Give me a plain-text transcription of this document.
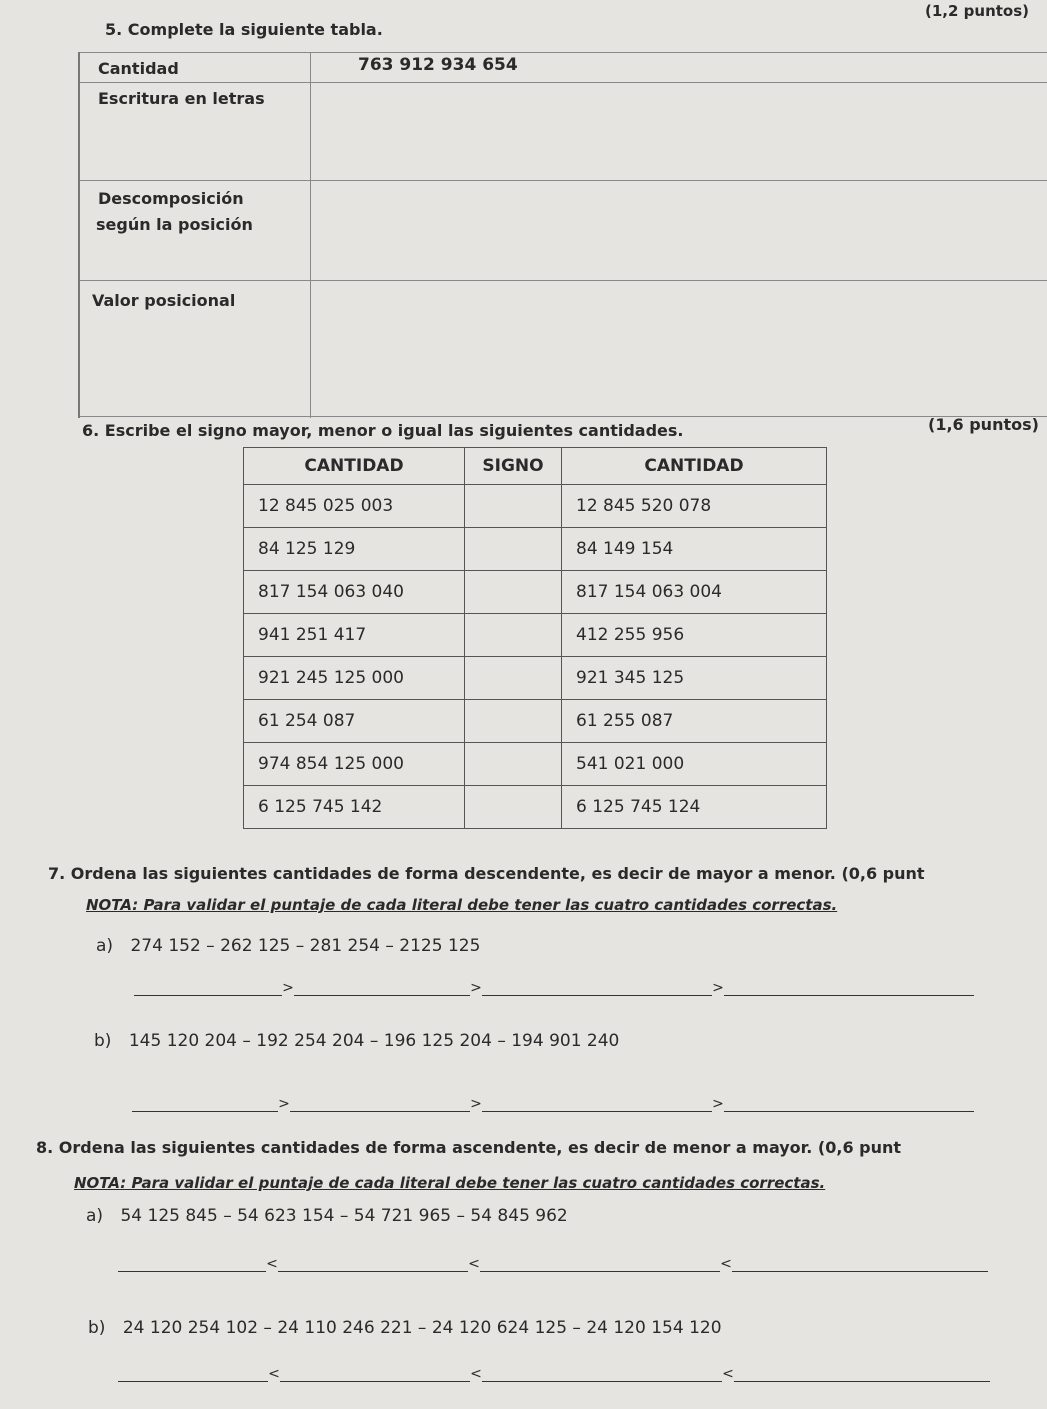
5. Complete la siguiente tabla.
(1,2 puntos)
Cantidad	763 912 934 654
Escritura en letras
Descomposición
según la posición
Valor posicional
6. Escribe el signo mayor, menor o igual las siguientes cantidades.	(1,6 puntos)
CANTIDAD	SIGNO	CANTIDAD
12 845 025 003		12 845 520 078
84 125 129		84 149 154
817 154 063 040		817 154 063 004
941 251 417		412 255 956
921 245 125 000		921 345 125
61 254 087		61 255 087
974 854 125 000		541 021 000
6 125 745 142		6 125 745 124
7. Ordena las siguientes cantidades de forma descendente, es decir de mayor a menor. (0,6 punt
NOTA: Para validar el puntaje de cada literal debe tener las cuatro cantidades correctas.
a) 274 152 – 262 125 – 281 254 – 2125 125
>	>	>
b) 145 120 204 – 192 254 204 – 196 125 204 – 194 901 240
>	>	>
8. Ordena las siguientes cantidades de forma ascendente, es decir de menor a mayor. (0,6 punt
NOTA: Para validar el puntaje de cada literal debe tener las cuatro cantidades correctas.
a) 54 125 845 – 54 623 154 – 54 721 965 – 54 845 962
<	<	<
b) 24 120 254 102 – 24 110 246 221 – 24 120 624 125 – 24 120 154 120
<	<	<
